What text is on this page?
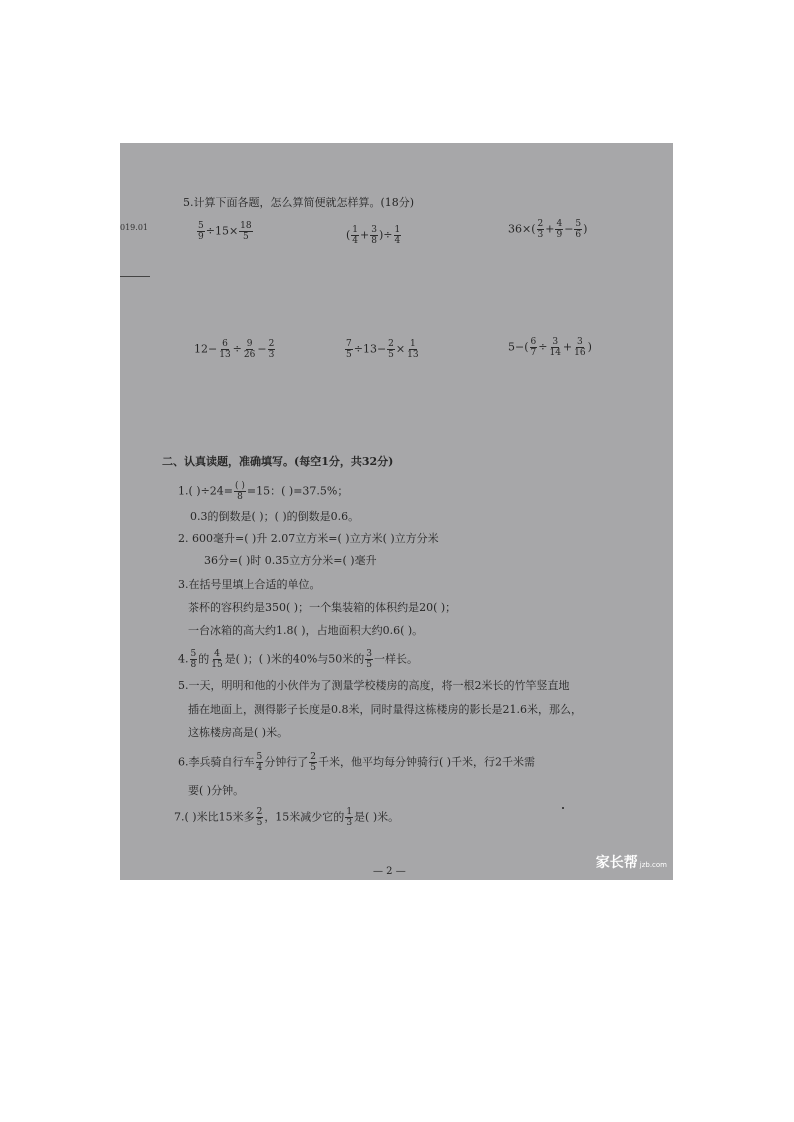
019.01
5.计算下面各题，怎么算简便就怎样算。(18分)
$\frac{5}{9} \div 15\times \frac{18}{5}$	( $\frac{1}{4} + \frac{3}{8}$ )÷ $\frac{1}{4}$	$36\times( \frac{2}{3} + \frac{4}{9} - \frac{5}{6}$ )
$12- \frac{6}{13} \div \frac{9}{26} - \frac{2}{3}$	$\frac{7}{5} \div 13- \frac{2}{5} \times \frac{1}{13}$	$5-( \frac{6}{7} \div \frac{3}{14} + \frac{3}{16}$ )
二、认真读题，准确填写。(每空1分，共32分)
1.( )$\div 24= \frac{( )}{8} =15$：( )=37.5%；
0.3的倒数是( )；( )的倒数是0.6。
2. 600毫升=( )升 2.07立方米=( )立方米( )立方分米
36分=( )时 0.35立方分米=( )毫升
3.在括号里填上合适的单位。
茶杯的容积约是350( )；一个集装箱的体积约是20( )；
一台冰箱的高大约1.8( )，占地面积大约0.6( )。
4. $\frac{5}{8}$ 的 $\frac{4}{15}$ 是( )；( )米的40%与50米的 $\frac{3}{5}$ 一样长。
5.一天，明明和他的小伙伴为了测量学校楼房的高度，将一根2米长的竹竿竖直地
插在地面上，测得影子长度是0.8米，同时量得这栋楼房的影长是21.6米，那么，
这栋楼房高是( )米。
6.李兵骑自行车 $\frac{5}{4}$ 分钟行了 $\frac{2}{5}$ 千米，他平均每分钟骑行( )千米，行2千米需
要( )分钟。
7.( )米比15米多 $\frac{2}{5}$ ，15米减少它的 $\frac{1}{3}$ 是( )米。
— 2 —
家长帮 jzb.com
